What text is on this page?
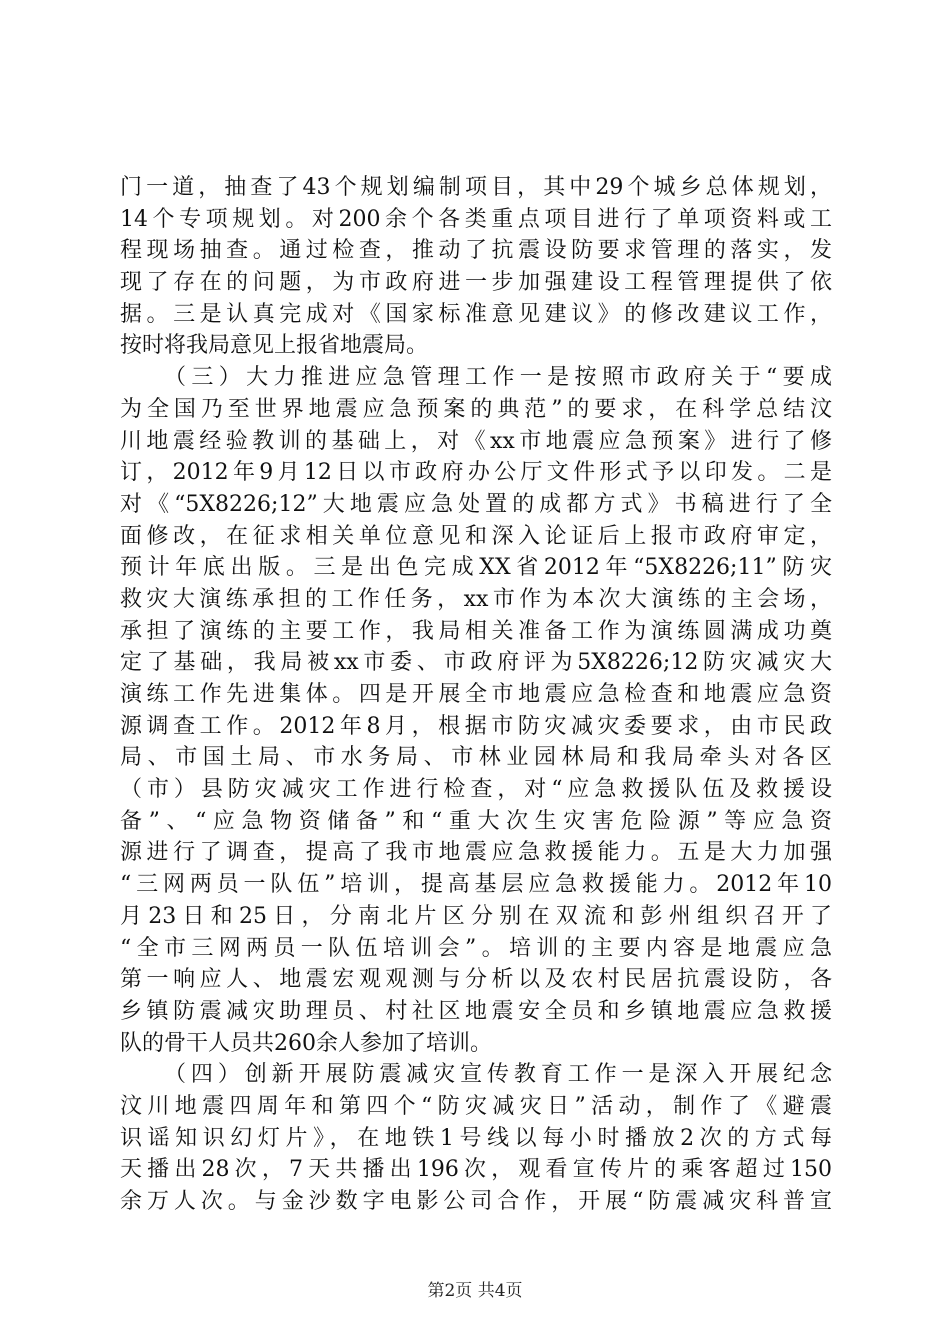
门一道，抽查了43个规划编制项目，其中29个城乡总体规划，
14个专项规划。对200余个各类重点项目进行了单项资料或工
程现场抽查。通过检查，推动了抗震设防要求管理的落实，发
现了存在的问题，为市政府进一步加强建设工程管理提供了依
据。三是认真完成对《国家标准意见建议》的修改建议工作，
按时将我局意见上报省地震局。
（三）大力推进应急管理工作一是按照市政府关于“要成
为全国乃至世界地震应急预案的典范”的要求，在科学总结汶
川地震经验教训的基础上，对《xx市地震应急预案》进行了修
订，2012年9月12日以市政府办公厅文件形式予以印发。二是
对《“5X8226;12”大地震应急处置的成都方式》书稿进行了全
面修改，在征求相关单位意见和深入论证后上报市政府审定，
预计年底出版。三是出色完成XX省2012年“5X8226;11”防灾
救灾大演练承担的工作任务，xx市作为本次大演练的主会场，
承担了演练的主要工作，我局相关准备工作为演练圆满成功奠
定了基础，我局被xx市委、市政府评为5X8226;12防灾减灾大
演练工作先进集体。四是开展全市地震应急检查和地震应急资
源调查工作。2012年8月，根据市防灾减灾委要求，由市民政
局、市国土局、市水务局、市林业园林局和我局牵头对各区
（市）县防灾减灾工作进行检查，对“应急救援队伍及救援设
备”、“应急物资储备”和“重大次生灾害危险源”等应急资
源进行了调查，提高了我市地震应急救援能力。五是大力加强
“三网两员一队伍”培训，提高基层应急救援能力。2012年10
月23日和25日，分南北片区分别在双流和彭州组织召开了
“全市三网两员一队伍培训会”。培训的主要内容是地震应急
第一响应人、地震宏观观测与分析以及农村民居抗震设防，各
乡镇防震减灾助理员、村社区地震安全员和乡镇地震应急救援
队的骨干人员共260余人参加了培训。
（四）创新开展防震减灾宣传教育工作一是深入开展纪念
汶川地震四周年和第四个“防灾减灾日”活动，制作了《避震
识谣知识幻灯片》，在地铁1号线以每小时播放2次的方式每
天播出28次，7天共播出196次，观看宣传片的乘客超过150
余万人次。与金沙数字电影公司合作，开展“防震减灾科普宣
第2页 共4页
